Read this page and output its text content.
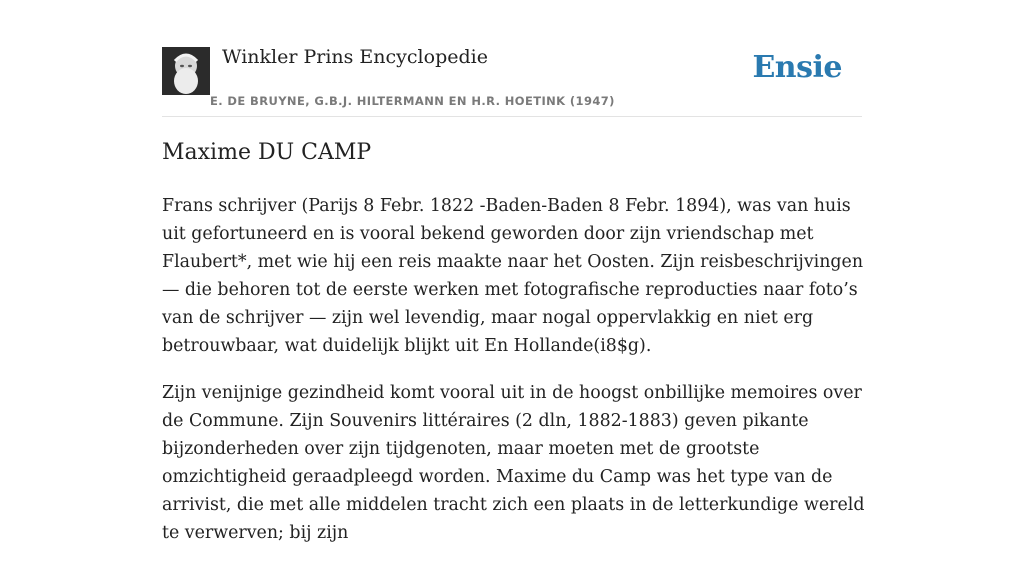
Winkler Prins Encyclopedie
E. DE BRUYNE, G.B.J. HILTERMANN EN H.R. HOETINK (1947)
Ensie
Maxime DU CAMP

Frans schrijver (Parijs 8 Febr. 1822 -Baden-Baden 8 Febr. 1894), was van huis uit gefortuneerd en is vooral bekend geworden door zijn vriendschap met Flaubert*, met wie hij een reis maakte naar het Oosten. Zijn reisbeschrijvingen — die behoren tot de eerste werken met fotografische reproducties naar foto’s van de schrijver — zijn wel levendig, maar nogal oppervlakkig en niet erg betrouwbaar, wat duidelijk blijkt uit En Hollande(i8$g).

Zijn venijnige gezindheid komt vooral uit in de hoogst onbillijke memoires over de Commune. Zijn Souvenirs littéraires (2 dln, 1882-1883) geven pikante bijzonderheden over zijn tijdgenoten, maar moeten met de grootste omzichtigheid geraadpleegd worden. Maxime du Camp was het type van de arrivist, die met alle middelen tracht zich een plaats in de letterkundige wereld te verwerven; bij zijn
